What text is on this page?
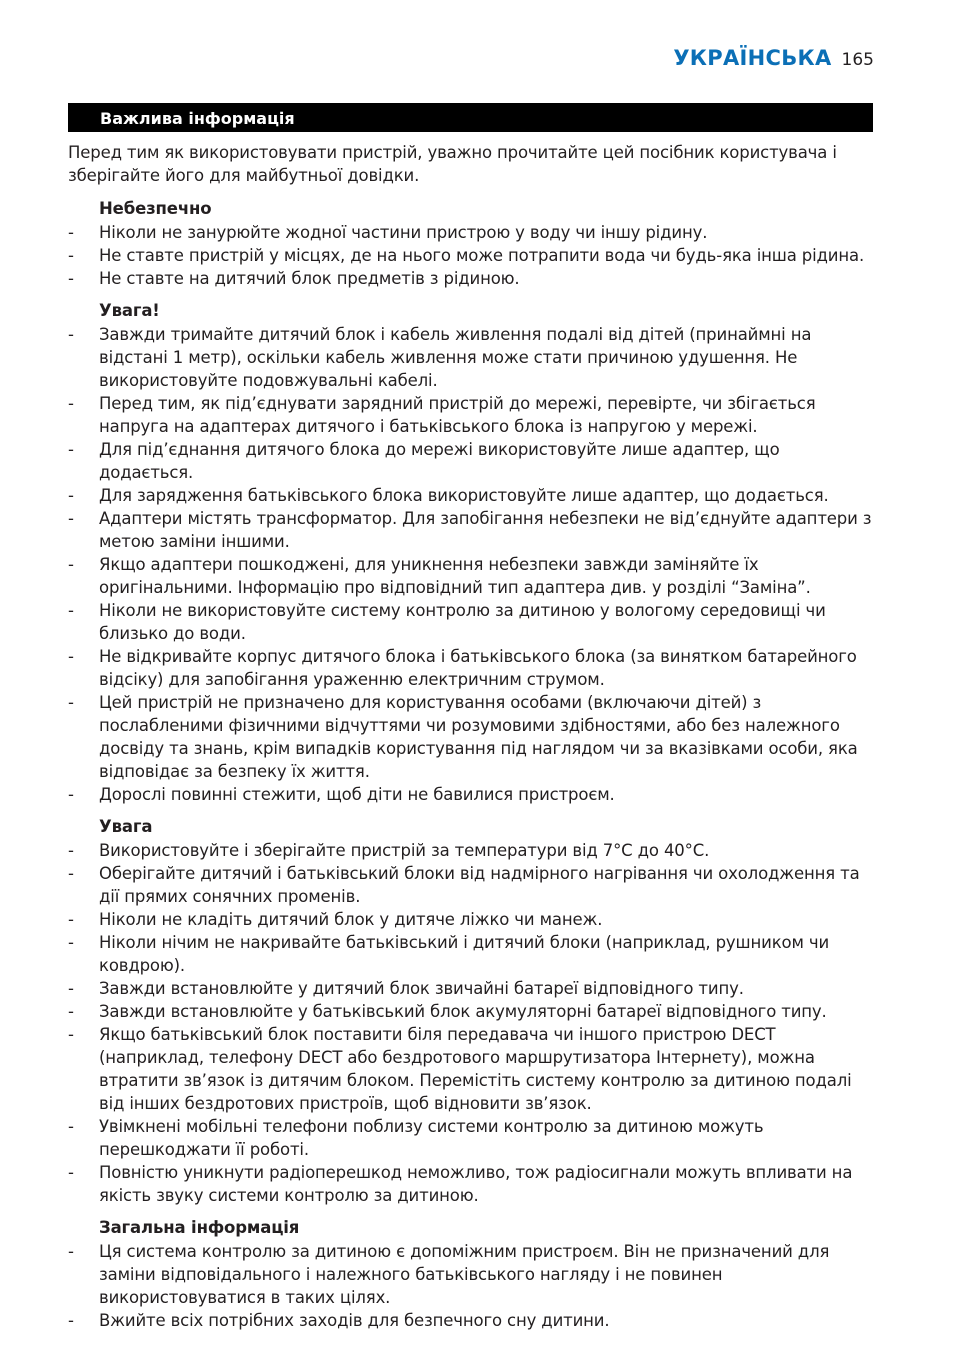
УКРАЇНСЬКА 165
Важлива інформація

Перед тим як використовувати пристрій, уважно прочитайте цей посібник користувача і зберігайте його для майбутньої довідки.

Небезпечно
- Ніколи не занурюйте жодної частини пристрою у воду чи іншу рідину.
- Не ставте пристрій у місцях, де на нього може потрапити вода чи будь-яка інша рідина.
- Не ставте на дитячий блок предметів з рідиною.
Увага!
- Завжди тримайте дитячий блок і кабель живлення подалі від дітей (принаймні на відстані 1 метр), оскільки кабель живлення може стати причиною удушення. Не використовуйте подовжувальні кабелі.
- Перед тим, як під’єднувати зарядний пристрій до мережі, перевірте, чи збігається напруга на адаптерах дитячого і батьківського блока із напругою у мережі.
- Для під’єднання дитячого блока до мережі використовуйте лише адаптер, що додається.
- Для зарядження батьківського блока використовуйте лише адаптер, що додається.
- Адаптери містять трансформатор. Для запобігання небезпеки не від’єднуйте адаптери з метою заміни іншими.
- Якщо адаптери пошкоджені, для уникнення небезпеки завжди заміняйте їх оригінальними. Інформацію про відповідний тип адаптера див. у розділі “Заміна”.
- Ніколи не використовуйте систему контролю за дитиною у вологому середовищі чи близько до води.
- Не відкривайте корпус дитячого блока і батьківського блока (за винятком батарейного відсіку) для запобігання ураженню електричним струмом.
- Цей пристрій не призначено для користування особами (включаючи дітей) з послабленими фізичними відчуттями чи розумовими здібностями, або без належного досвіду та знань, крім випадків користування під наглядом чи за вказівками особи, яка відповідає за безпеку їх життя.
- Дорослі повинні стежити, щоб діти не бавилися пристроєм.
Увага
- Використовуйте і зберігайте пристрій за температури від 7°C до 40°C.
- Оберігайте дитячий і батьківський блоки від надмірного нагрівання чи охолодження та дії прямих сонячних променів.
- Ніколи не кладіть дитячий блок у дитяче ліжко чи манеж.
- Ніколи нічим не накривайте батьківський і дитячий блоки (наприклад, рушником чи ковдрою).
- Завжди встановлюйте у дитячий блок звичайні батареї відповідного типу.
- Завжди встановлюйте у батьківський блок акумуляторні батареї відповідного типу.
- Якщо батьківський блок поставити біля передавача чи іншого пристрою DECT (наприклад, телефону DECT або бездротового маршрутизатора Інтернету), можна втратити зв’язок із дитячим блоком. Перемістіть систему контролю за дитиною подалі від інших бездротових пристроїв, щоб відновити зв’язок.
- Увімкнені мобільні телефони поблизу системи контролю за дитиною можуть перешкоджати її роботі.
- Повністю уникнути радіоперешкод неможливо, тож радіосигнали можуть впливати на якість звуку системи контролю за дитиною.
Загальна інформація
- Ця система контролю за дитиною є допоміжним пристроєм. Він не призначений для заміни відповідального і належного батьківського нагляду і не повинен використовуватися в таких цілях.
- Вжийте всіх потрібних заходів для безпечного сну дитини.
